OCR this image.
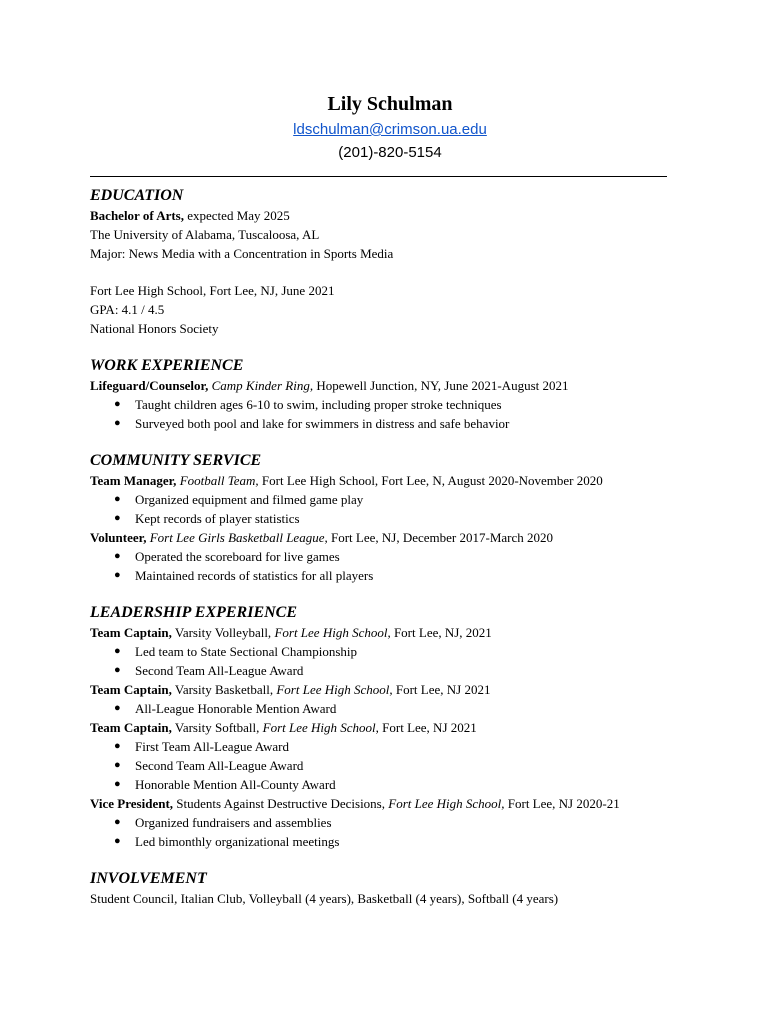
Lily Schulman
ldschulman@crimson.ua.edu
(201)-820-5154
EDUCATION
Bachelor of Arts, expected May 2025
The University of Alabama, Tuscaloosa, AL
Major: News Media with a Concentration in Sports Media
Fort Lee High School, Fort Lee, NJ, June 2021
GPA: 4.1 / 4.5
National Honors Society
WORK EXPERIENCE
Lifeguard/Counselor, Camp Kinder Ring, Hopewell Junction, NY, June 2021-August 2021
● Taught children ages 6-10 to swim, including proper stroke techniques
● Surveyed both pool and lake for swimmers in distress and safe behavior
COMMUNITY SERVICE
Team Manager, Football Team, Fort Lee High School, Fort Lee, N, August 2020-November 2020
● Organized equipment and filmed game play
● Kept records of player statistics
Volunteer, Fort Lee Girls Basketball League, Fort Lee, NJ, December 2017-March 2020
● Operated the scoreboard for live games
● Maintained records of statistics for all players
LEADERSHIP EXPERIENCE
Team Captain, Varsity Volleyball, Fort Lee High School, Fort Lee, NJ, 2021
● Led team to State Sectional Championship
● Second Team All-League Award
Team Captain, Varsity Basketball, Fort Lee High School, Fort Lee, NJ 2021
● All-League Honorable Mention Award
Team Captain, Varsity Softball, Fort Lee High School, Fort Lee, NJ 2021
● First Team All-League Award
● Second Team All-League Award
● Honorable Mention All-County Award
Vice President, Students Against Destructive Decisions, Fort Lee High School, Fort Lee, NJ 2020-21
● Organized fundraisers and assemblies
● Led bimonthly organizational meetings
INVOLVEMENT
Student Council, Italian Club, Volleyball (4 years), Basketball (4 years), Softball (4 years)
